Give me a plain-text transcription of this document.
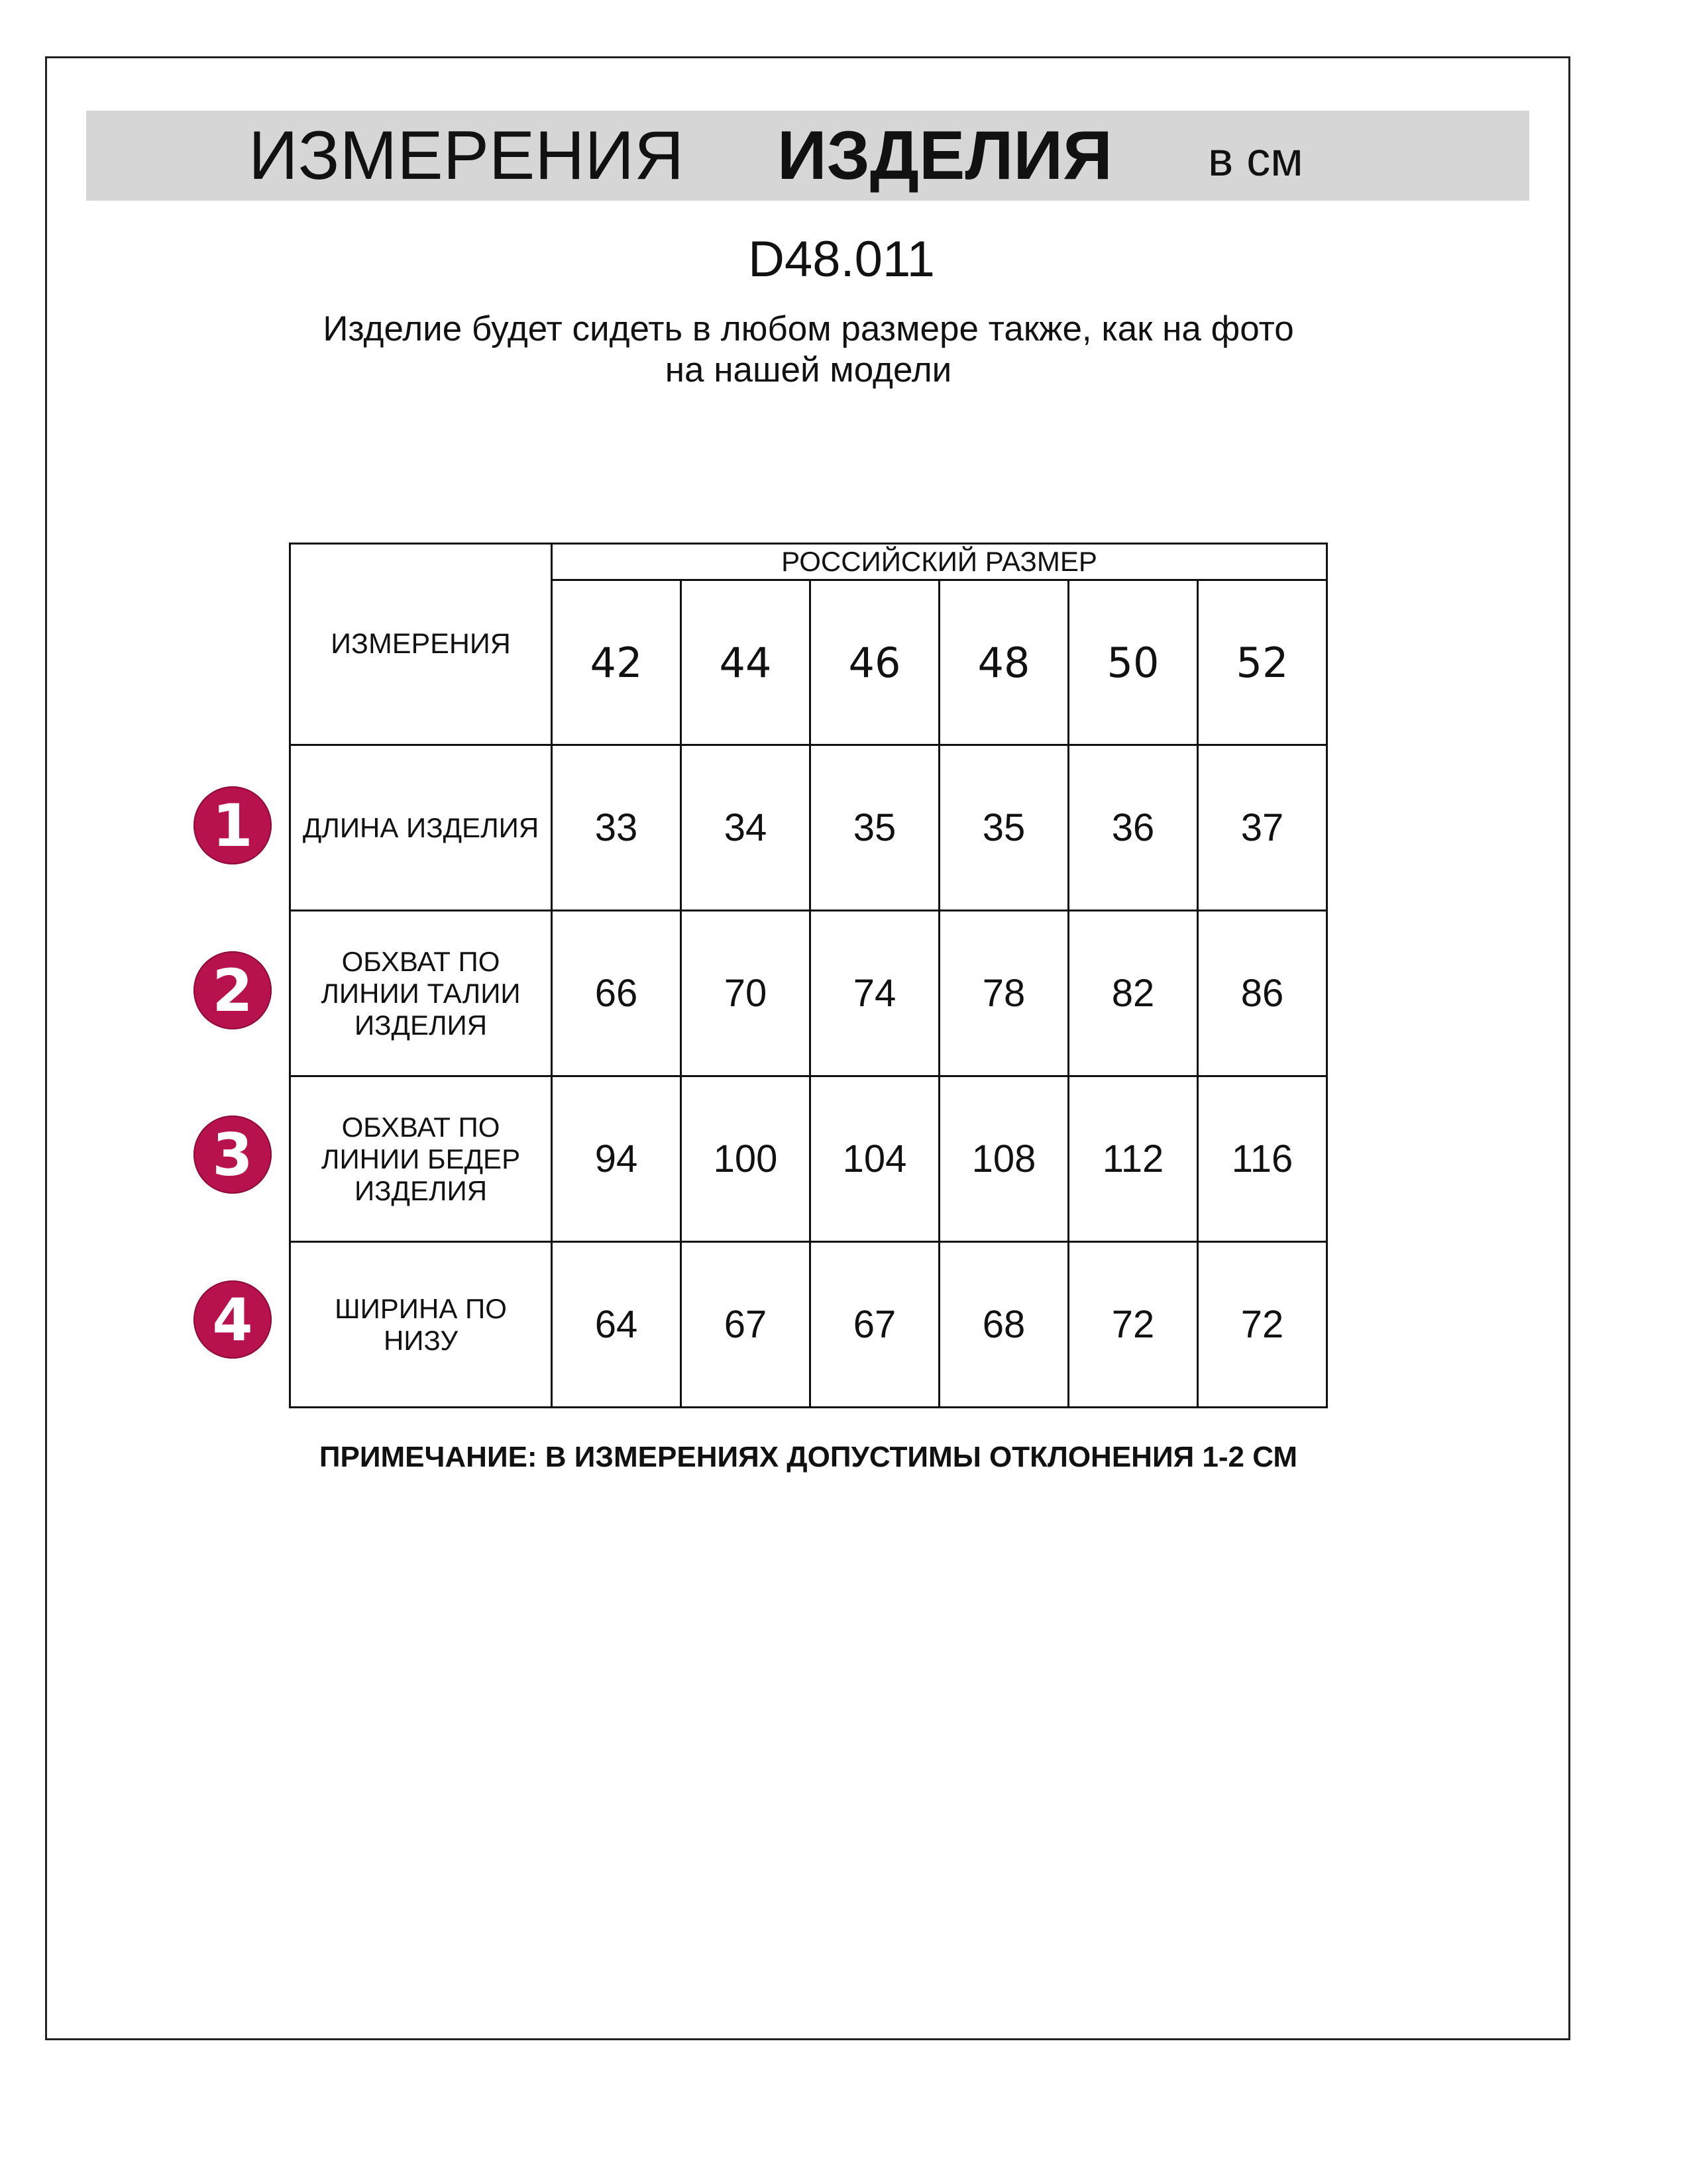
ИЗМЕРЕНИЯ ИЗДЕЛИЯ в см
D48.011
Изделие будет сидеть в любом размере также, как на фото
на нашей модели
ИЗМЕРЕНИЯ	РОССИЙСКИЙ РАЗМЕР					
	42	44	46	48	50	52

ДЛИНА ИЗДЕЛИЯ	33	34	35	35	36	37

ОБХВАТ ПО
ЛИНИИ ТАЛИИ
ИЗДЕЛИЯ	66	70	74	78	82	86

ОБХВАТ ПО
ЛИНИИ БЕДЕР
ИЗДЕЛИЯ	94	100	104	108	112	116

ШИРИНА ПО
НИЗУ	64	67	67	68	72	72
1
2
3
4
ПРИМЕЧАНИЕ: В ИЗМЕРЕНИЯХ ДОПУСТИМЫ ОТКЛОНЕНИЯ 1-2 СМ
